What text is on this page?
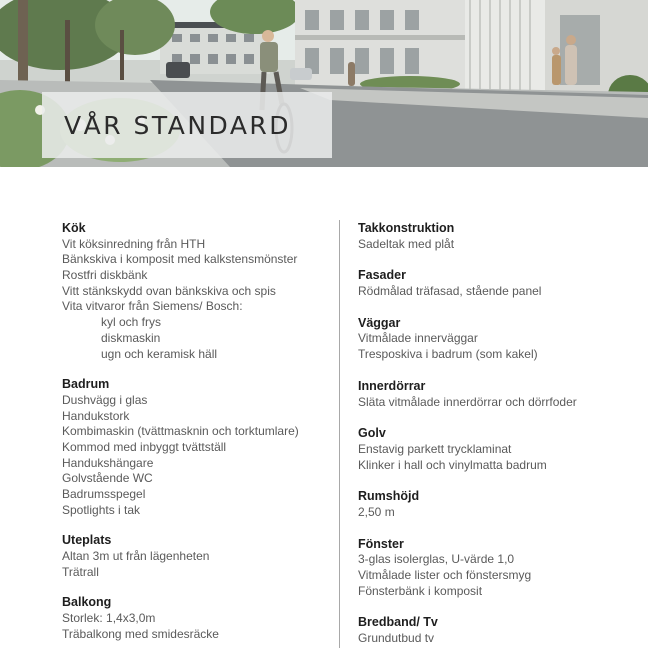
VÅR STANDARD
Kök
Vit köksinredning från HTH
Bänkskiva i komposit med kalkstensmönster
Rostfri diskbänk
Vitt stänkskydd ovan bänkskiva och spis
Vita vitvaror från Siemens/ Bosch:
kyl och frys
diskmaskin
ugn och keramisk häll
Badrum
Dushvägg i glas
Handukstork
Kombimaskin (tvättmasknin och torktumlare)
Kommod med inbyggt tvättställ
Handukshängare
Golvstående WC
Badrumsspegel
Spotlights i tak
Uteplats
Altan 3m ut från lägenheten
Trätrall
Balkong
Storlek: 1,4x3,0m
Träbalkong med smidesräcke
Takkonstruktion
Sadeltak med plåt
Fasader
Rödmålad träfasad, stående panel
Väggar
Vitmålade innerväggar
Tresposkiva i badrum (som kakel)
Innerdörrar
Släta vitmålade innerdörrar och dörrfoder
Golv
Enstavig parkett trycklaminat
Klinker i hall och vinylmatta badrum
Rumshöjd
2,50 m
Fönster
3-glas isolerglas, U-värde 1,0
Vitmålade lister och fönstersmyg
Fönsterbänk i komposit
Bredband/ Tv
Grundutbud tv
